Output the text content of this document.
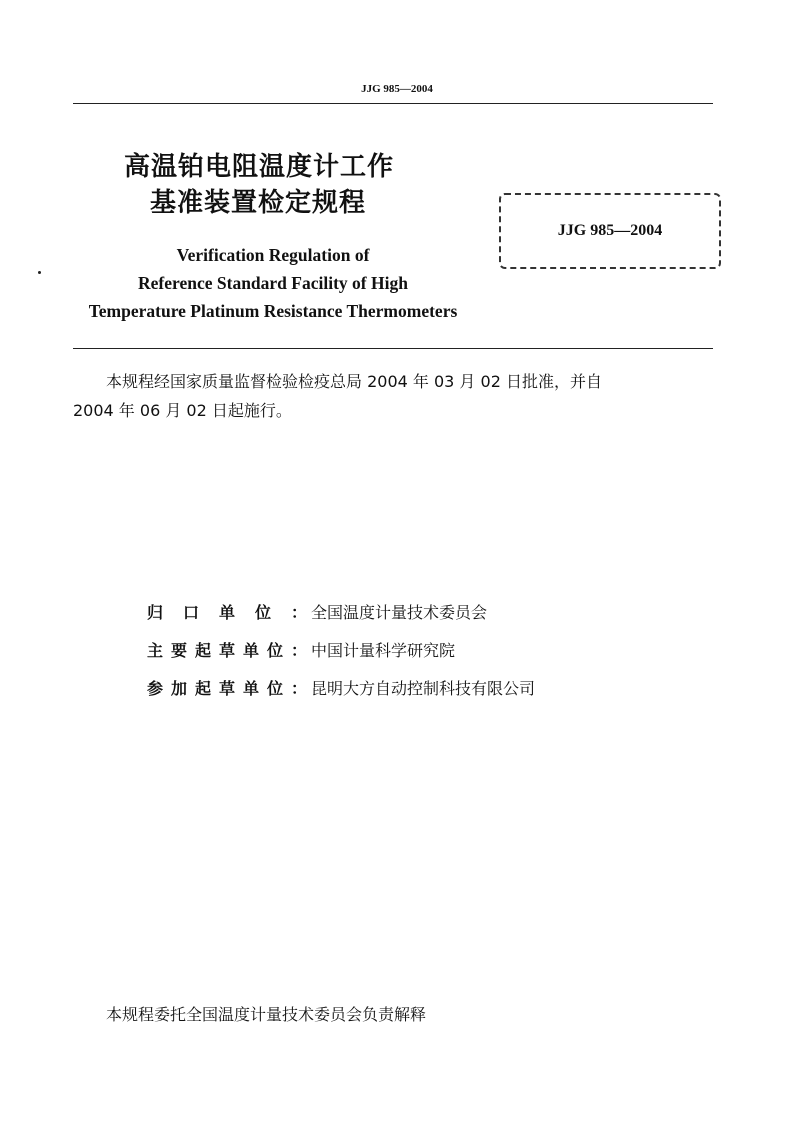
JJG 985—2004
高温铂电阻温度计工作
基准装置检定规程
Verification Regulation of
Reference Standard Facility of High
Temperature Platinum Resistance Thermometers
JJG 985—2004
本规程经国家质量监督检验检疫总局 2004 年 03 月 02 日批准，并自
2004 年 06 月 02 日起施行。
归口单位： 全国温度计量技术委员会
主要起草单位： 中国计量科学研究院
参加起草单位： 昆明大方自动控制科技有限公司
本规程委托全国温度计量技术委员会负责解释
